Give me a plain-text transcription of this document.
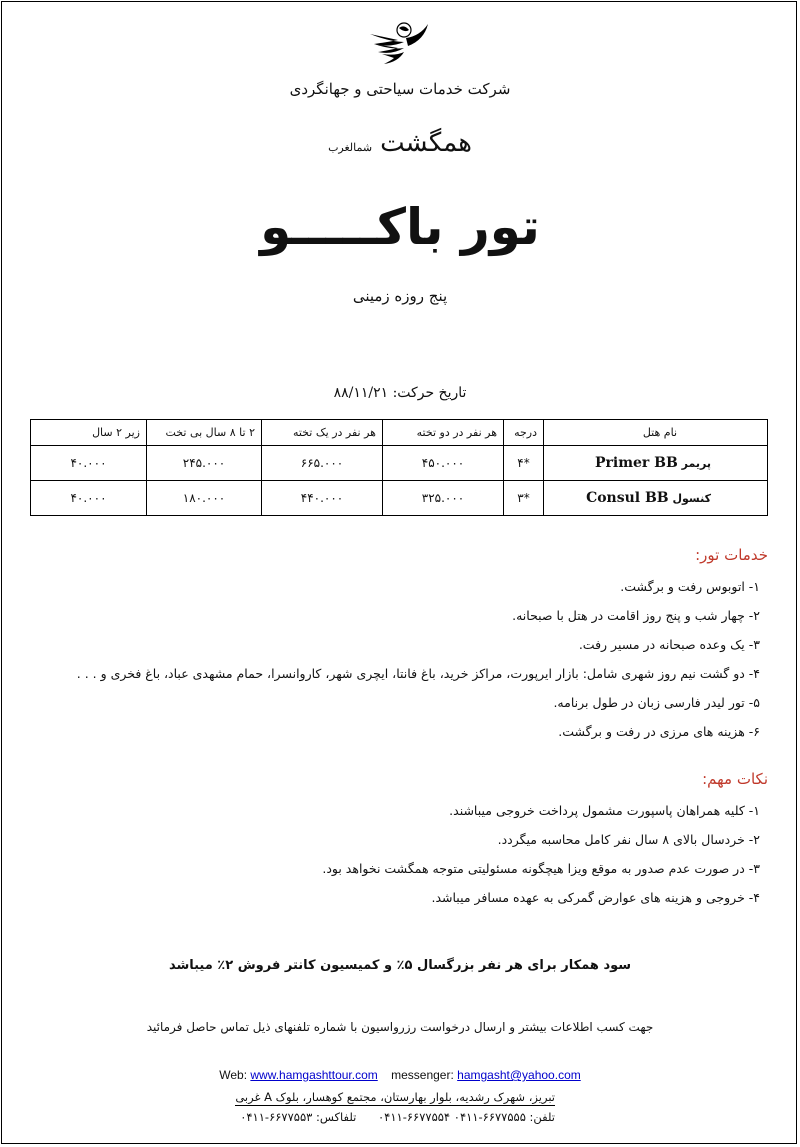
شرکت خدمات سیاحتی و جهانگردی
همگشت
شمالغرب
تور باکـــــو
پنج روزه زمینی
تاریخ حرکت: ۸۸/۱۱/۲۱
نام هتل	درجه	هر نفر در دو تخته	هر نفر در یک تخته	۲ تا ۸ سال بی تخت	زیر ۲ سال
پریمر Primer BB	*۴	۴۵۰.۰۰۰	۶۶۵.۰۰۰	۲۴۵.۰۰۰	۴۰.۰۰۰
کنسول Consul BB	*۳	۳۲۵.۰۰۰	۴۴۰.۰۰۰	۱۸۰.۰۰۰	۴۰.۰۰۰
خدمات تور:
۱- اتوبوس رفت و برگشت.
۲- چهار شب و پنج روز اقامت در هتل با صبحانه.
۳- یک وعده صبحانه در مسیر رفت.
۴- دو گشت نیم روز شهری شامل: بازار ایرپورت، مراکز خرید، باغ فانتا، ایچری شهر، کاروانسرا، حمام مشهدی عباد، باغ فخری و . . .
۵- تور لیدر فارسی زبان در طول برنامه.
۶- هزینه های مرزی در رفت و برگشت.
نکات مهم:
۱- کلیه همراهان پاسپورت مشمول پرداخت خروجی میباشند.
۲- خردسال بالای ۸ سال نفر کامل محاسبه میگردد.
۳- در صورت عدم صدور به موقع ویزا هیچگونه مسئولیتی متوجه همگشت نخواهد بود.
۴- خروجی و هزینه های عوارض گمرکی به عهده مسافر میباشد.
سود همکار برای هر نفر بزرگسال ۵٪ و کمیسیون کانتر فروش ۲٪ میباشد
جهت کسب اطلاعات بیشتر و ارسال درخواست رزرواسیون با شماره تلفنهای ذیل تماس حاصل فرمائید
Web: www.hamgashttour.com messenger: hamgasht@yahoo.com
تبریز، شهرک رشدیه، بلوار بهارستان، مجتمع کوهسار، بلوک A غربی
تلفن: ۶۶۷۷۵۵۵-۰۴۱۱ ۶۶۷۷۵۵۴-۰۴۱۱ تلفاکس: ۶۶۷۷۵۵۳-۰۴۱۱
